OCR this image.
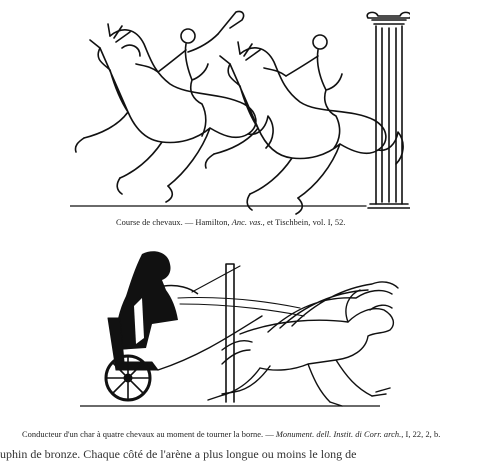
Course de chevaux. — Hamilton, Anc. vas., et Tischbein, vol. I, 52.
Conducteur d'un char à quatre chevaux au moment de tourner la borne. — Monument. dell. Instit. di Corr. arch., I, 22, 2, b.
uphin de bronze. Chaque côté de l'arène a plus longue ou moins le long de
